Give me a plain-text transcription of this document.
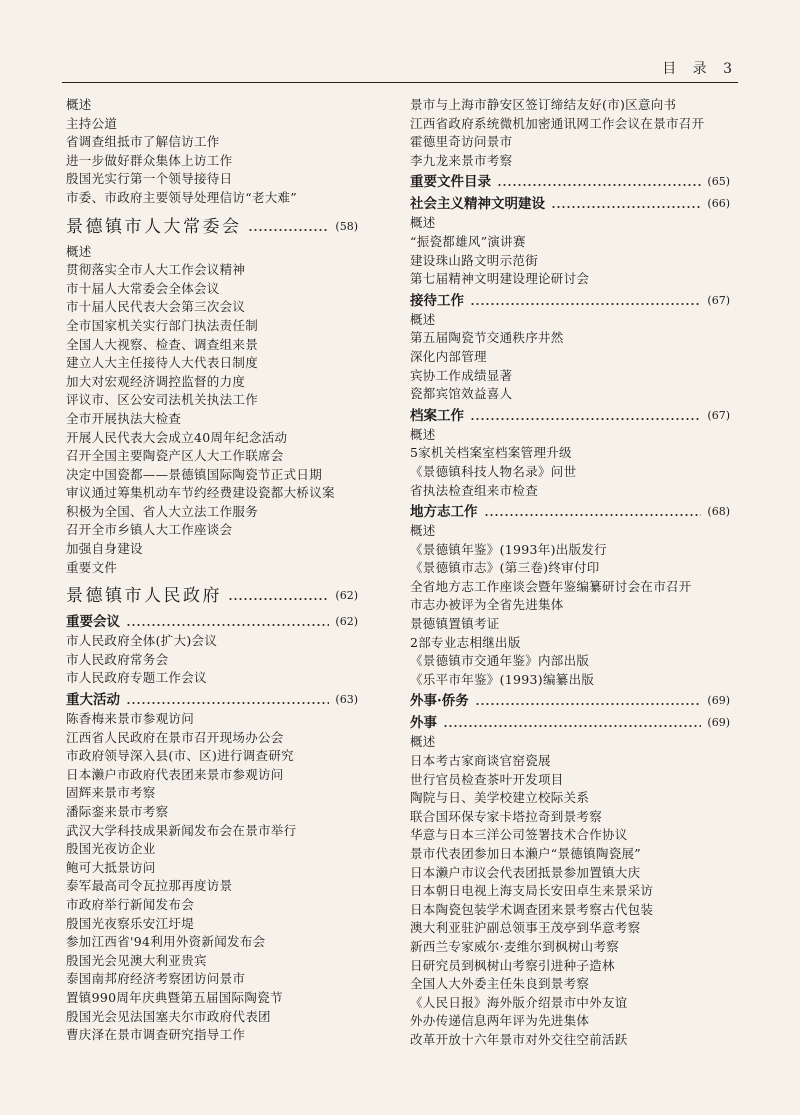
目 录 3
概述
主持公道
省调查组抵市了解信访工作
进一步做好群众集体上访工作
殷国光实行第一个领导接待日
市委、市政府主要领导处理信访“老大难”
景德镇市人大常委会	(58)
概述
贯彻落实全市人大工作会议精神
市十届人大常委会全体会议
市十届人民代表大会第三次会议
全市国家机关实行部门执法责任制
全国人大视察、检查、调查组来景
建立人大主任接待人大代表日制度
加大对宏观经济调控监督的力度
评议市、区公安司法机关执法工作
全市开展执法大检查
开展人民代表大会成立40周年纪念活动
召开全国主要陶瓷产区人大工作联席会
决定中国瓷都——景德镇国际陶瓷节正式日期
审议通过筹集机动车节约经费建设瓷都大桥议案
积极为全国、省人大立法工作服务
召开全市乡镇人大工作座谈会
加强自身建设
重要文件
景德镇市人民政府	(62)
重要会议	(62)
市人民政府全体(扩大)会议
市人民政府常务会
市人民政府专题工作会议
重大活动	(63)
陈香梅来景市参观访问
江西省人民政府在景市召开现场办公会
市政府领导深入县(市、区)进行调查研究
日本濑户市政府代表团来景市参观访问
固辉来景市考察
潘际銮来景市考察
武汉大学科技成果新闻发布会在景市举行
殷国光夜访企业
鲍可大抵景访问
泰军最高司令瓦拉那再度访景
市政府举行新闻发布会
殷国光夜察乐安江圩堤
参加江西省'94利用外资新闻发布会
殷国光会见澳大利亚贵宾
泰国南邦府经济考察团访问景市
置镇990周年庆典暨第五届国际陶瓷节
殷国光会见法国塞夫尔市政府代表团
曹庆泽在景市调查研究指导工作
景市与上海市静安区签订缔结友好(市)区意向书
江西省政府系统微机加密通讯网工作会议在景市召开
霍德里奇访问景市
李九龙来景市考察
重要文件目录	(65)
社会主义精神文明建设	(66)
概述
“振瓷都雄风”演讲赛
建设珠山路文明示范街
第七届精神文明建设理论研讨会
接待工作	(67)
概述
第五届陶瓷节交通秩序井然
深化内部管理
宾协工作成绩显著
瓷都宾馆效益喜人
档案工作	(67)
概述
5家机关档案室档案管理升级
《景德镇科技人物名录》问世
省执法检查组来市检查
地方志工作	(68)
概述
《景德镇年鉴》(1993年)出版发行
《景德镇市志》(第三卷)终审付印
全省地方志工作座谈会暨年鉴编纂研讨会在市召开
市志办被评为全省先进集体
景德镇置镇考证
2部专业志相继出版
《景德镇市交通年鉴》内部出版
《乐平市年鉴》(1993)编纂出版
外事·侨务	(69)
外事	(69)
概述
日本考古家商谈官窑瓷展
世行官员检查茶叶开发项目
陶院与日、美学校建立校际关系
联合国环保专家卡塔拉奇到景考察
华意与日本三洋公司签署技术合作协议
景市代表团参加日本濑户“景德镇陶瓷展”
日本濑户市议会代表团抵景参加置镇大庆
日本朝日电视上海支局长安田卓生来景采访
日本陶瓷包装学术调查团来景考察古代包装
澳大利亚驻沪副总领事王茂亭到华意考察
新西兰专家威尔·麦维尔到枫树山考察
日研究员到枫树山考察引进种子造林
全国人大外委主任朱良到景考察
《人民日报》海外版介绍景市中外友谊
外办传递信息两年评为先进集体
改革开放十六年景市对外交往空前活跃
